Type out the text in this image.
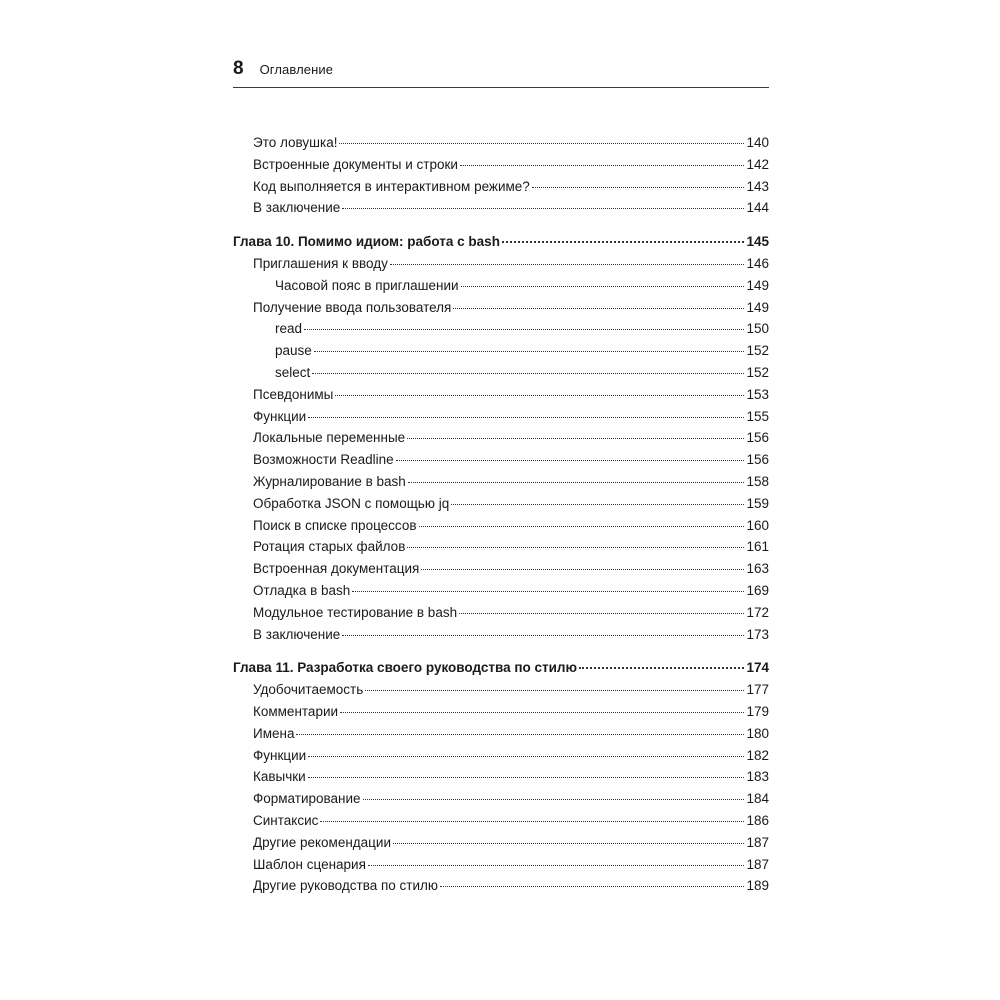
8 Оглавление
Это ловушка!	140
Встроенные документы и строки	142
Код выполняется в интерактивном режиме?	143
В заключение	144
Глава 10. Помимо идиом: работа с bash	145
Приглашения к вводу	146
Часовой пояс в приглашении	149
Получение ввода пользователя	149
read	150
pause	152
select	152
Псевдонимы	153
Функции	155
Локальные переменные	156
Возможности Readline	156
Журналирование в bash	158
Обработка JSON с помощью jq	159
Поиск в списке процессов	160
Ротация старых файлов	161
Встроенная документация	163
Отладка в bash	169
Модульное тестирование в bash	172
В заключение	173
Глава 11. Разработка своего руководства по стилю	174
Удобочитаемость	177
Комментарии	179
Имена	180
Функции	182
Кавычки	183
Форматирование	184
Синтаксис	186
Другие рекомендации	187
Шаблон сценария	187
Другие руководства по стилю	189
